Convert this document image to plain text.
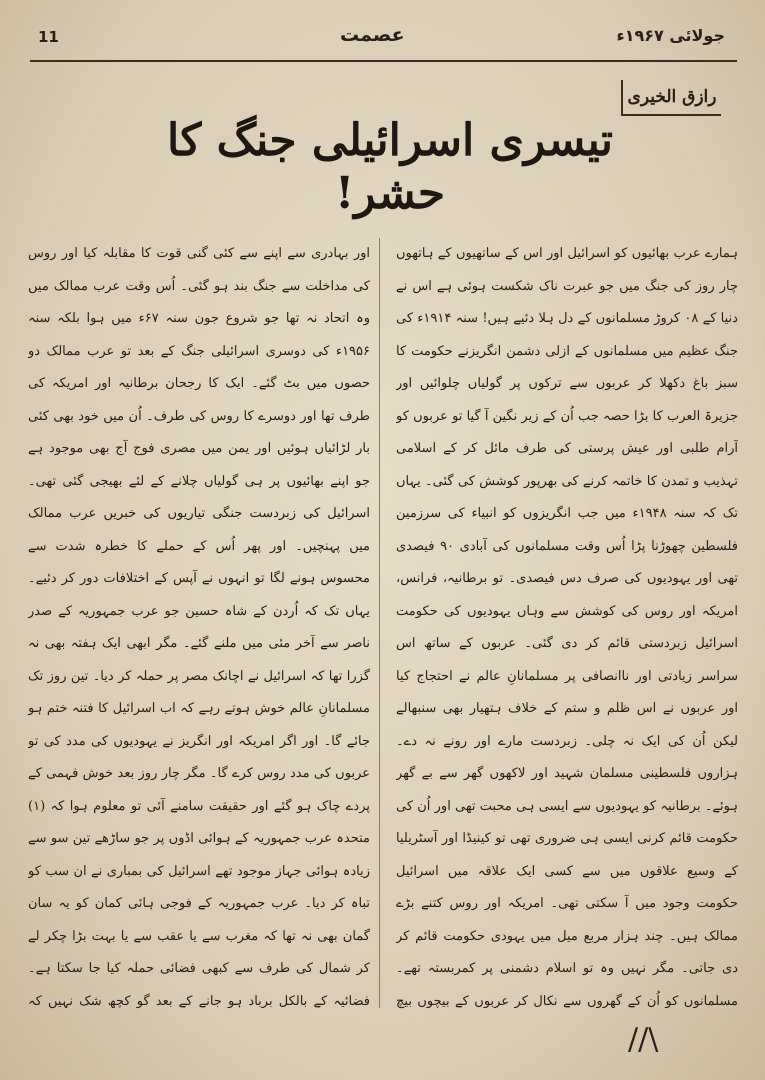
11	عصمت	جولائی ۱۹۶۷ء
رازق الخیری
تیسری اسرائیلی جنگ کا حشر!

ہمارے عرب بھائیوں کو اسرائیل اور اس کے ساتھیوں کے ہاتھوں چار روز کی جنگ میں جو عبرت ناک شکست ہوئی ہے اس نے دنیا کے ۰۸ کروڑ مسلمانوں کے دل ہلا دئیے ہیں! سنہ ۱۹۱۴ء کی جنگ عظیم میں مسلمانوں کے ازلی دشمن انگریزنے حکومت کا سبز باغ دکھلا کر عربوں سے ترکوں پر گولیاں چلوائیں اور جزیرۃ العرب کا بڑا حصہ جب اُن کے زیر نگین آ گیا تو عربوں کو آرام طلبی اور عیش پرستی کی طرف مائل کر کے اسلامی تہذیب و تمدن کا خاتمہ کرنے کی بھرپور کوشش کی گئی۔ یہاں تک کہ سنہ ۱۹۴۸ء میں جب انگریزوں کو انبیاء کی سرزمین فلسطین چھوڑنا پڑا اُس وقت مسلمانوں کی آبادی ۹۰ فیصدی تھی اور یہودیوں کی صرف دس فیصدی۔ تو برطانیہ، فرانس، امریکہ اور روس کی کوشش سے وہاں یہودیوں کی حکومت اسرائیل زبردستی قائم کر دی گئی۔ عربوں کے ساتھ اس سراسر زیادتی اور ناانصافی پر مسلمانانِ عالم نے احتجاج کیا اور عربوں نے اس ظلم و ستم کے خلاف ہتھیار بھی سنبھالے لیکن اُن کی ایک نہ چلی۔ زبردست مارے اور رونے نہ دے۔ ہزاروں فلسطینی مسلمان شہید اور لاکھوں گھر سے بے گھر ہوئے۔ برطانیہ کو یہودیوں سے ایسی ہی محبت تھی اور اُن کی حکومت قائم کرنی ایسی ہی ضروری تھی تو کینیڈا اور آسٹریلیا کے وسیع علاقوں میں سے کسی ایک علاقہ میں اسرائیل حکومت وجود میں آ سکتی تھی۔ امریکہ اور روس کتنے بڑے ممالک ہیں۔ چند ہزار مربع میل میں یہودی حکومت قائم کر دی جاتی۔ مگر نہیں وہ تو اسلام دشمنی پر کمربستہ تھے۔ مسلمانوں کو اُن کے گھروں سے نکال کر عربوں کے بیچوں بیچ

اور بہادری سے اپنے سے کئی گنی قوت کا مقابلہ کیا اور روس کی مداخلت سے جنگ بند ہو گئی۔ اُس وقت عرب ممالک میں وہ اتحاد نہ تھا جو شروع جون سنہ ۶۷ء میں ہوا بلکہ سنہ ۱۹۵۶ء کی دوسری اسرائیلی جنگ کے بعد تو عرب ممالک دو حصوں میں بٹ گئے۔ ایک کا رجحان برطانیہ اور امریکہ کی طرف تھا اور دوسرے کا روس کی طرف۔ اُن میں خود بھی کئی بار لڑائیاں ہوئیں اور یمن میں مصری فوج آج بھی موجود ہے جو اپنے بھائیوں پر ہی گولیاں چلانے کے لئے بھیجی گئی تھی۔ اسرائیل کی زبردست جنگی تیاریوں کی خبریں عرب ممالک میں پہنچیں۔ اور پھر اُس کے حملے کا خطرہ شدت سے محسوس ہونے لگا تو انہوں نے آپس کے اختلافات دور کر دئیے۔ یہاں تک کہ اُردن کے شاہ حسین جو عرب جمہوریہ کے صدر ناصر سے آخر مئی میں ملنے گئے۔ مگر ابھی ایک ہفتہ بھی نہ گزرا تھا کہ اسرائیل نے اچانک مصر پر حملہ کر دیا۔ تین روز تک مسلمانانِ عالم خوش ہوتے رہے کہ اب اسرائیل کا فتنہ ختم ہو جائے گا۔ اور اگر امریکہ اور انگریز نے یہودیوں کی مدد کی تو عربوں کی مدد روس کرے گا۔ مگر چار روز بعد خوش فہمی کے پردے چاک ہو گئے اور حقیقت سامنے آئی تو معلوم ہوا کہ (۱) متحدہ عرب جمہوریہ کے ہوائی اڈوں پر جو ساڑھے تین سو سے زیادہ ہوائی جہاز موجود تھے اسرائیل کی بمباری نے ان سب کو تباہ کر دیا۔ عرب جمہوریہ کے فوجی ہائی کمان کو یہ سان گمان بھی نہ تھا کہ مغرب سے یا عقب سے یا بہت بڑا چکر لے کر شمال کی طرف سے کبھی فضائی حملہ کیا جا سکتا ہے۔ فضائیہ کے بالکل برباد ہو جانے کے بعد گو کچھ شک نہیں کہ

//\
